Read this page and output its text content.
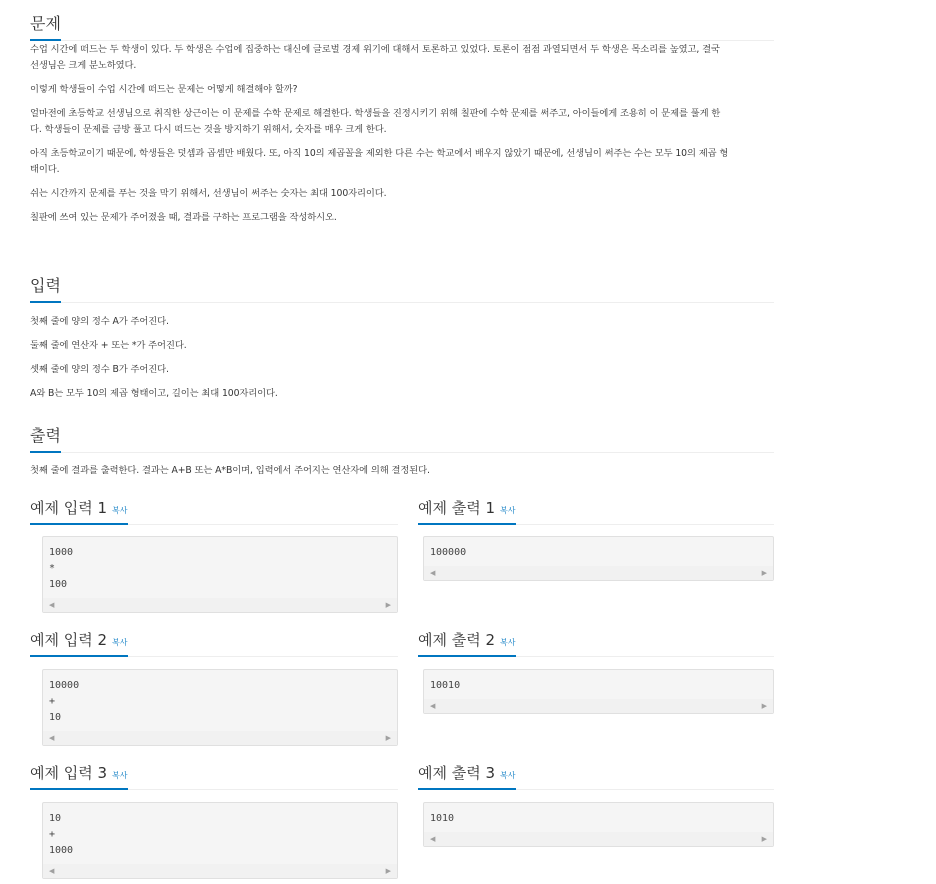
문제

수업 시간에 떠드는 두 학생이 있다. 두 학생은 수업에 집중하는 대신에 글로벌 경제 위기에 대해서 토론하고 있었다. 토론이 점점 과열되면서 두 학생은 목소리를 높였고, 결국

선생님은 크게 분노하였다.

이렇게 학생들이 수업 시간에 떠드는 문제는 어떻게 해결해야 할까?

얼마전에 초등학교 선생님으로 취직한 상근이는 이 문제를 수학 문제로 해결한다. 학생들을 진정시키기 위해 칠판에 수학 문제를 써주고, 아이들에게 조용히 이 문제를 풀게 한

다. 학생들이 문제를 금방 풀고 다시 떠드는 것을 방지하기 위해서, 숫자를 매우 크게 한다.

아직 초등학교이기 때문에, 학생들은 덧셈과 곱셈만 배웠다. 또, 아직 10의 제곱꼴을 제외한 다른 수는 학교에서 배우지 않았기 때문에, 선생님이 써주는 수는 모두 10의 제곱 형

태이다.

쉬는 시간까지 문제를 푸는 것을 막기 위해서, 선생님이 써주는 숫자는 최대 100자리이다.

칠판에 쓰여 있는 문제가 주어졌을 때, 결과를 구하는 프로그램을 작성하시오.

입력

첫째 줄에 양의 정수 A가 주어진다.

둘째 줄에 연산자 + 또는 *가 주어진다.

셋째 줄에 양의 정수 B가 주어진다.

A와 B는 모두 10의 제곱 형태이고, 길이는 최대 100자리이다.

출력

첫째 줄에 결과를 출력한다. 결과는 A+B 또는 A*B이며, 입력에서 주어지는 연산자에 의해 결정된다.

예제 입력 1 복사	예제 출력 1 복사
1000
*
100
◀	▶
100000
◀	▶
예제 입력 2 복사	예제 출력 2 복사
10000
+
10
◀	▶
10010
◀	▶
예제 입력 3 복사	예제 출력 3 복사
10
+
1000
◀	▶
1010
◀	▶
